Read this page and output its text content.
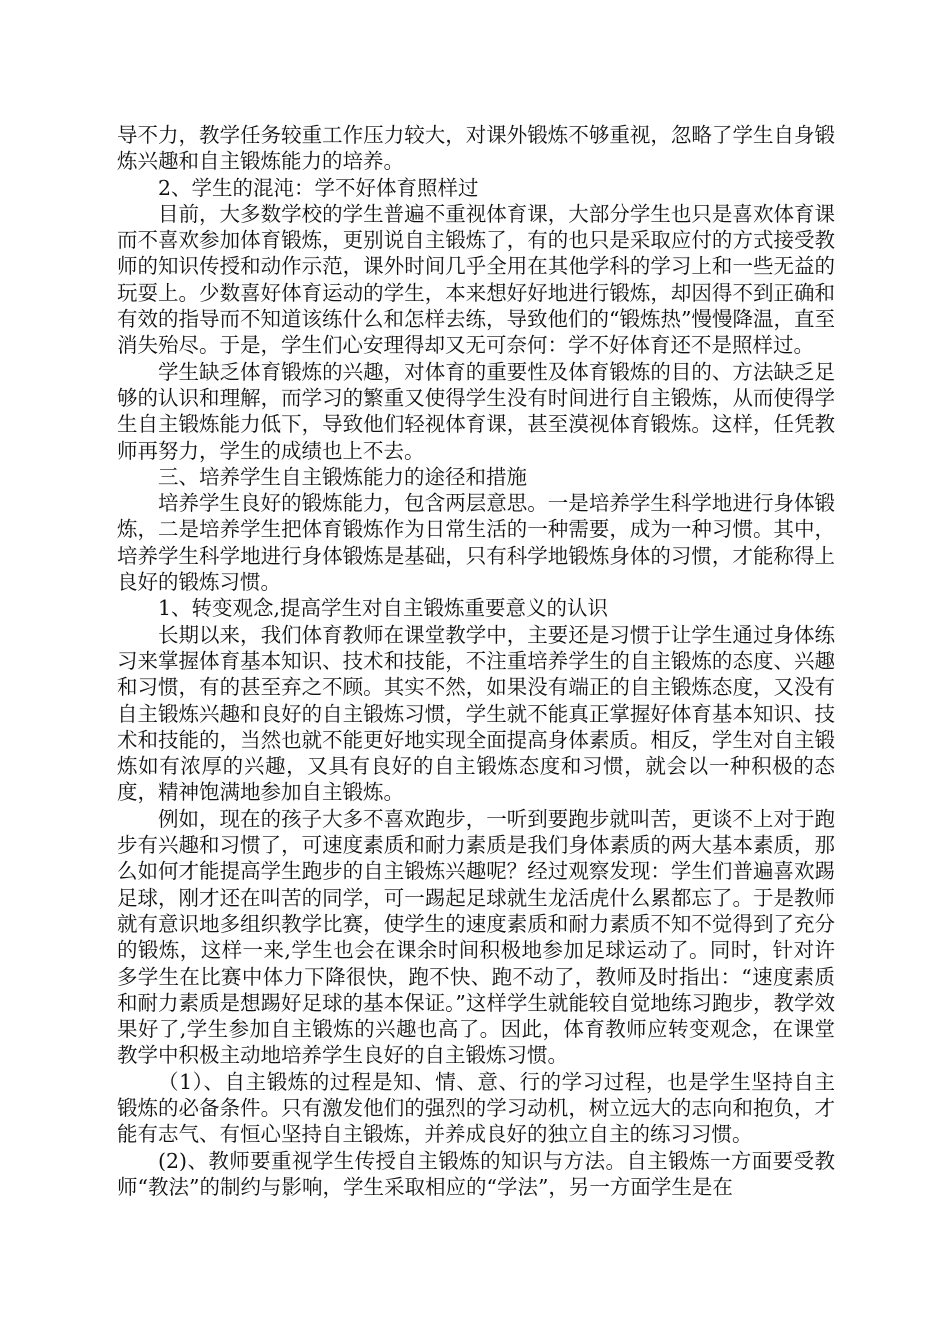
导不力，教学任务较重工作压力较大，对课外锻炼不够重视，忽略了学生自身锻炼兴趣和自主锻炼能力的培养。

2、学生的混沌：学不好体育照样过

目前，大多数学校的学生普遍不重视体育课，大部分学生也只是喜欢体育课而不喜欢参加体育锻炼，更别说自主锻炼了，有的也只是采取应付的方式接受教师的知识传授和动作示范，课外时间几乎全用在其他学科的学习上和一些无益的玩耍上。少数喜好体育运动的学生，本来想好好地进行锻炼，却因得不到正确和有效的指导而不知道该练什么和怎样去练，导致他们的“锻炼热”慢慢降温，直至消失殆尽。于是，学生们心安理得却又无可奈何：学不好体育还不是照样过。

学生缺乏体育锻炼的兴趣，对体育的重要性及体育锻炼的目的、方法缺乏足够的认识和理解，而学习的繁重又使得学生没有时间进行自主锻炼，从而使得学生自主锻炼能力低下，导致他们轻视体育课，甚至漠视体育锻炼。这样，任凭教师再努力，学生的成绩也上不去。

三、培养学生自主锻炼能力的途径和措施

培养学生良好的锻炼能力，包含两层意思。一是培养学生科学地进行身体锻炼，二是培养学生把体育锻炼作为日常生活的一种需要，成为一种习惯。其中，培养学生科学地进行身体锻炼是基础，只有科学地锻炼身体的习惯，才能称得上良好的锻炼习惯。

1、转变观念,提高学生对自主锻炼重要意义的认识

长期以来，我们体育教师在课堂教学中，主要还是习惯于让学生通过身体练习来掌握体育基本知识、技术和技能，不注重培养学生的自主锻炼的态度、兴趣和习惯，有的甚至弃之不顾。其实不然，如果没有端正的自主锻炼态度，又没有自主锻炼兴趣和良好的自主锻炼习惯，学生就不能真正掌握好体育基本知识、技术和技能的，当然也就不能更好地实现全面提高身体素质。相反，学生对自主锻炼如有浓厚的兴趣，又具有良好的自主锻炼态度和习惯，就会以一种积极的态度，精神饱满地参加自主锻炼。

例如，现在的孩子大多不喜欢跑步，一听到要跑步就叫苦，更谈不上对于跑步有兴趣和习惯了，可速度素质和耐力素质是我们身体素质的两大基本素质，那么如何才能提高学生跑步的自主锻炼兴趣呢？经过观察发现：学生们普遍喜欢踢足球，刚才还在叫苦的同学，可一踢起足球就生龙活虎什么累都忘了。于是教师就有意识地多组织教学比赛，使学生的速度素质和耐力素质不知不觉得到了充分的锻炼，这样一来,学生也会在课余时间积极地参加足球运动了。同时，针对许多学生在比赛中体力下降很快，跑不快、跑不动了，教师及时指出：“速度素质和耐力素质是想踢好足球的基本保证。”这样学生就能较自觉地练习跑步，教学效果好了,学生参加自主锻炼的兴趣也高了。因此，体育教师应转变观念，在课堂教学中积极主动地培养学生良好的自主锻炼习惯。

（1）、自主锻炼的过程是知、情、意、行的学习过程，也是学生坚持自主锻炼的必备条件。只有激发他们的强烈的学习动机，树立远大的志向和抱负，才能有志气、有恒心坚持自主锻炼，并养成良好的独立自主的练习习惯。

(2)、教师要重视学生传授自主锻炼的知识与方法。自主锻炼一方面要受教师“教法”的制约与影响，学生采取相应的“学法”，另一方面学生是在
